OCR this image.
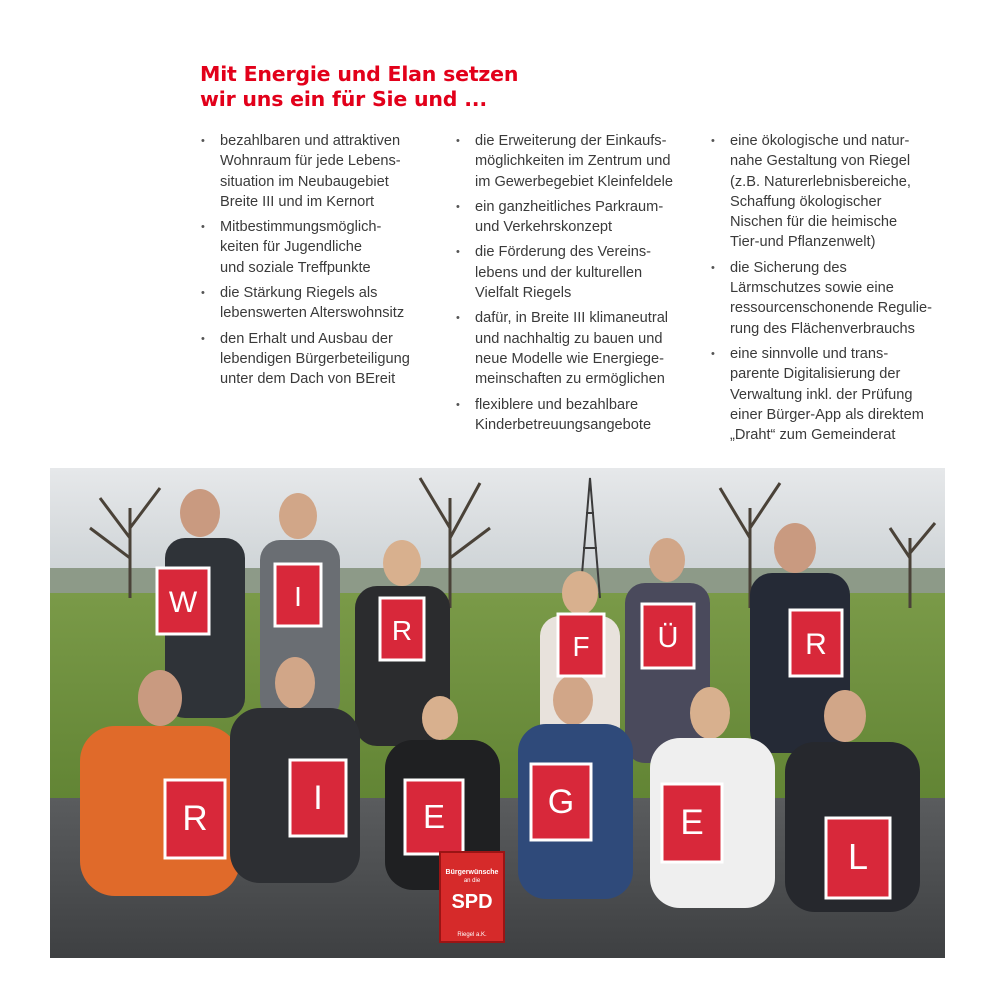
Mit Energie und Elan setzen
wir uns ein für Sie und ...
• bezahlbaren und attraktiven
Wohnraum für jede Lebens-
situation im Neubaugebiet
Breite III und im Kernort
• Mitbestimmungsmöglich-
keiten für Jugendliche
und soziale Treffpunkte
• die Stärkung Riegels als
lebenswerten Alterswohnsitz
• den Erhalt und Ausbau der
lebendigen Bürgerbeteiligung
unter dem Dach von BEreit
• die Erweiterung der Einkaufs-
möglichkeiten im Zentrum und
im Gewerbegebiet Kleinfeldele
• ein ganzheitliches Parkraum-
und Verkehrskonzept
• die Förderung des Vereins-
lebens und der kulturellen
Vielfalt Riegels
• dafür, in Breite III klimaneutral
und nachhaltig zu bauen und
neue Modelle wie Energiege-
meinschaften zu ermöglichen
• flexiblere und bezahlbare
Kinderbetreuungsangebote
• eine ökologische und natur-
nahe Gestaltung von Riegel
(z.B. Naturerlebnisbereiche,
Schaffung ökologischer
Nischen für die heimische
Tier-und Pflanzenwelt)
• die Sicherung des
Lärmschutzes sowie eine
ressourcenschonende Regulie-
rung des Flächenverbrauchs
• eine sinnvolle und trans-
parente Digitalisierung der
Verwaltung inkl. der Prüfung
einer Bürger-App als direktem
„Draht“ zum Gemeinderat
W	I
R
F Ü	R
R
I	E	G
E
L
Bürgerwünsche
an die
SPD
Riegel a.K.
